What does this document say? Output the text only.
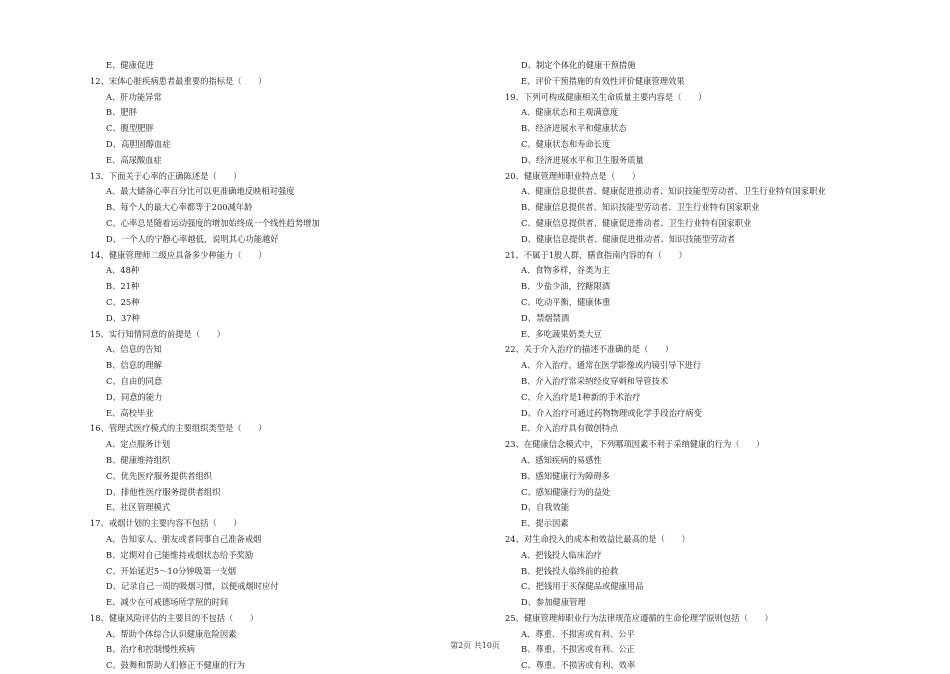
E、健康促进
12、宋体心脏疾病患者最重要的指标是（　　）
A、肝功能异常
B、肥胖
C、腹型肥胖
D、高胆固醇血症
E、高尿酸血症
13、下面关于心率的正确陈述是（　　）
A、最大储备心率百分比可以更准确地反映相对强度
B、每个人的最大心率都等于200减年龄
C、心率总是随着运动强度的增加始终成一个线性趋势增加
D、一个人的宁静心率越低，说明其心功能越好
14、健康管理师二级应具备多少种能力（　　）
A、48种
B、21种
C、25种
D、37种
15、实行知情同意的前提是（　　）
A、信息的告知
B、信息的理解
C、自由的同意
D、同意的能力
E、高校毕业
16、管理式医疗模式的主要组织类型是（　　）
A、定点服务计划
B、健康维持组织
C、优先医疗服务提供者组织
D、排他性医疗服务提供者组织
E、社区管理模式
17、戒烟计划的主要内容不包括（　　）
A、告知家人、朋友或者同事自己准备戒烟
B、定期对自己能维持戒烟状态给予奖励
C、开始延迟5～10分钟吸第一支烟
D、记录自己一周的吸烟习惯，以便戒烟时应付
E、减少在可戒德场所学照的时间
18、健康风险评估的主要目的不包括（　　）
A、帮助个体综合认识健康危险因素
B、治疗和控制慢性疾病
C、鼓舞和帮助人们修正不健康的行为
D、制定个体化的健康干预措施
E、评价干预措施的有效性评价健康管理效果
19、下列可构成健康相关生命质量主要内容是（　　）
A、健康状态和主观满意度
B、经济进展水平和健康状态
C、健康状态和寿命长度
D、经济进展水平和卫生服务质量
20、健康管理师职业特点是（　　）
A、健康信息提供者、健康促进推动者、知识技能型劳动者、卫生行业特有国家职业
B、健康信息提供者、知识技能型劳动者、卫生行业特有国家职业
C、健康信息提供者、健康促进推动者、卫生行业特有国家职业
D、健康信息提供者、健康促进推动者、知识技能型劳动者
21、不属于1般人群，膳食指南内容的有（　　）
A、食物多样，谷类为主
B、少盐少油，控糖限酒
C、吃动平衡，健康体重
D、禁烟禁酒
E、多吃蔬果奶类大豆
22、关于介入治疗的描述不准确的是（　　）
A、介入治疗，通常在医学影像或内镜引导下进行
B、介入治疗常采纳经皮穿刺和导管技术
C、介入治疗是1种新的手术治疗
D、介入治疗可通过药物物理或化学手段治疗病变
E、介入治疗具有微创特点
23、在健康信念模式中，下列哪项因素不利于采纳健康的行为（　　）
A、感知疾病的易感性
B、感知健康行为障碍多
C、感知健康行为的益处
D、自我效能
E、提示因素
24、对生命投入的成本和效益比最高的是（　　）
A、把钱投人临床治疗
B、把钱投人临终前的抢救
C、把钱用于买保健品或健康用品
D、参加健康管理
25、健康管理师职业行为法律规范应遵循的生命伦理学原则包括（　　）
A、尊重、不损害或有利、公平
B、尊重、不损害或有利、公正
C、尊重、不损害或有利、效率
第2页 共10页
